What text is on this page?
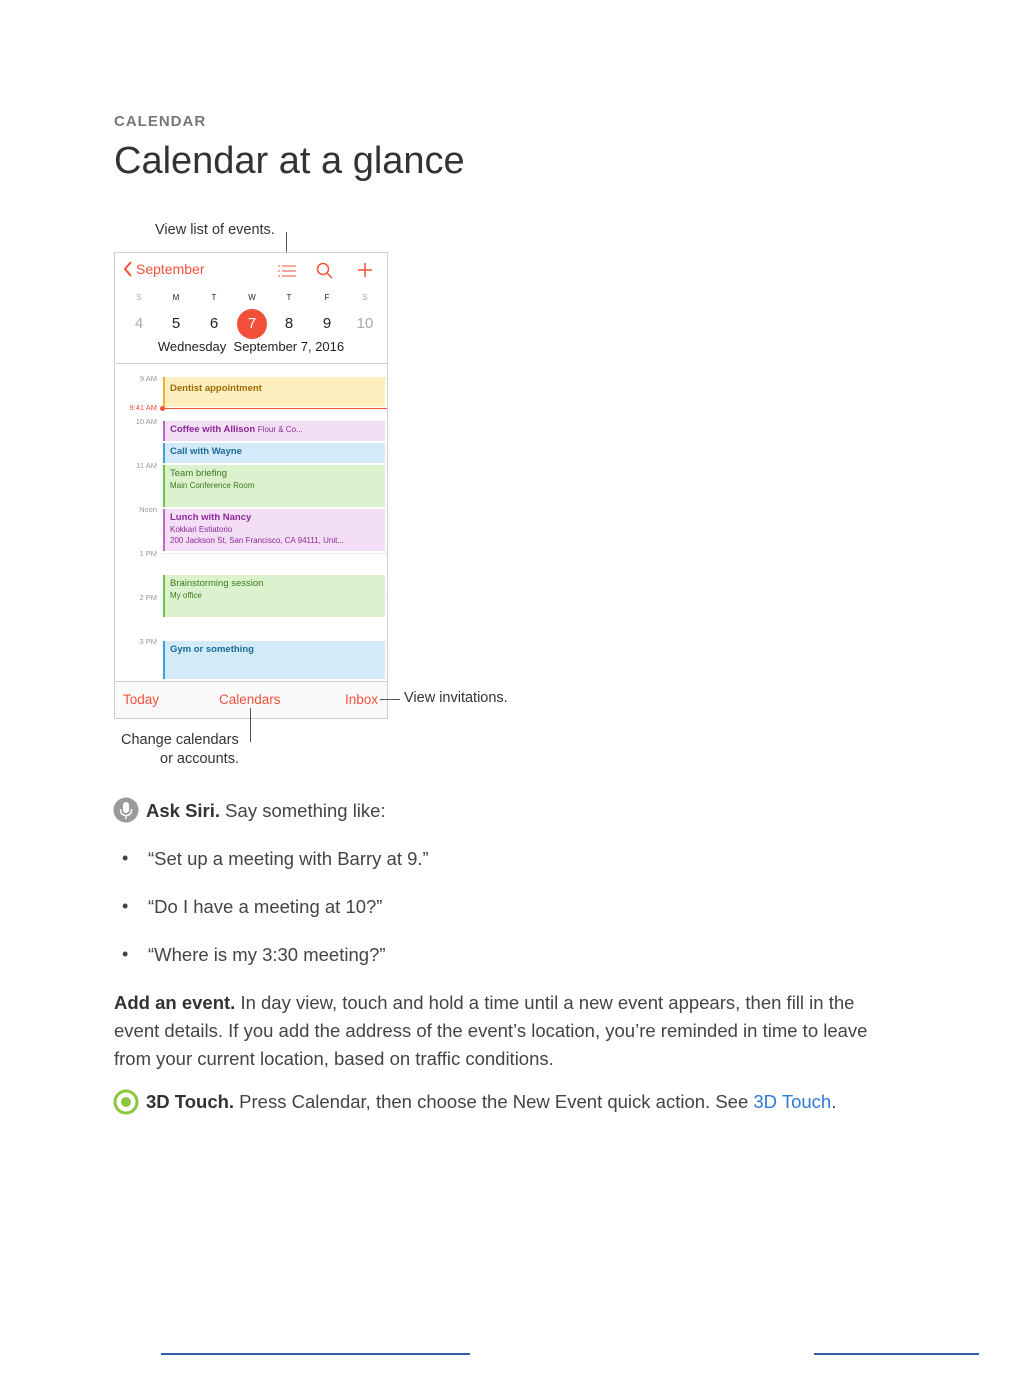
CALENDAR
Calendar at a glance
View list of events.
September
S	M	T	W	T	F	S
4	5	6	7	8	9	10
Wednesday September 7, 2016
9 AM
9:41 AM
10 AM
11 AM
Noon
1 PM
2 PM
3 PM
Dentist appointment
Coffee with Allison Flour & Co...
Call with Wayne
Team briefing
Main Conference Room
Lunch with Nancy
Kokkari Estiatorio
200 Jackson St, San Francisco, CA 94111, Unit...
Brainstorming session
My office
Gym or something
Today	Calendars	Inbox View invitations.
Change calendars
or accounts.
Ask Siri. Say something like:
• “Set up a meeting with Barry at 9.”
• “Do I have a meeting at 10?”
• “Where is my 3:30 meeting?”
Add an event. In day view, touch and hold a time until a new event appears, then fill in the event details. If you add the address of the event’s location, you’re reminded in time to leave from your current location, based on traffic conditions.
3D Touch. Press Calendar, then choose the New Event quick action. See 3D Touch.
